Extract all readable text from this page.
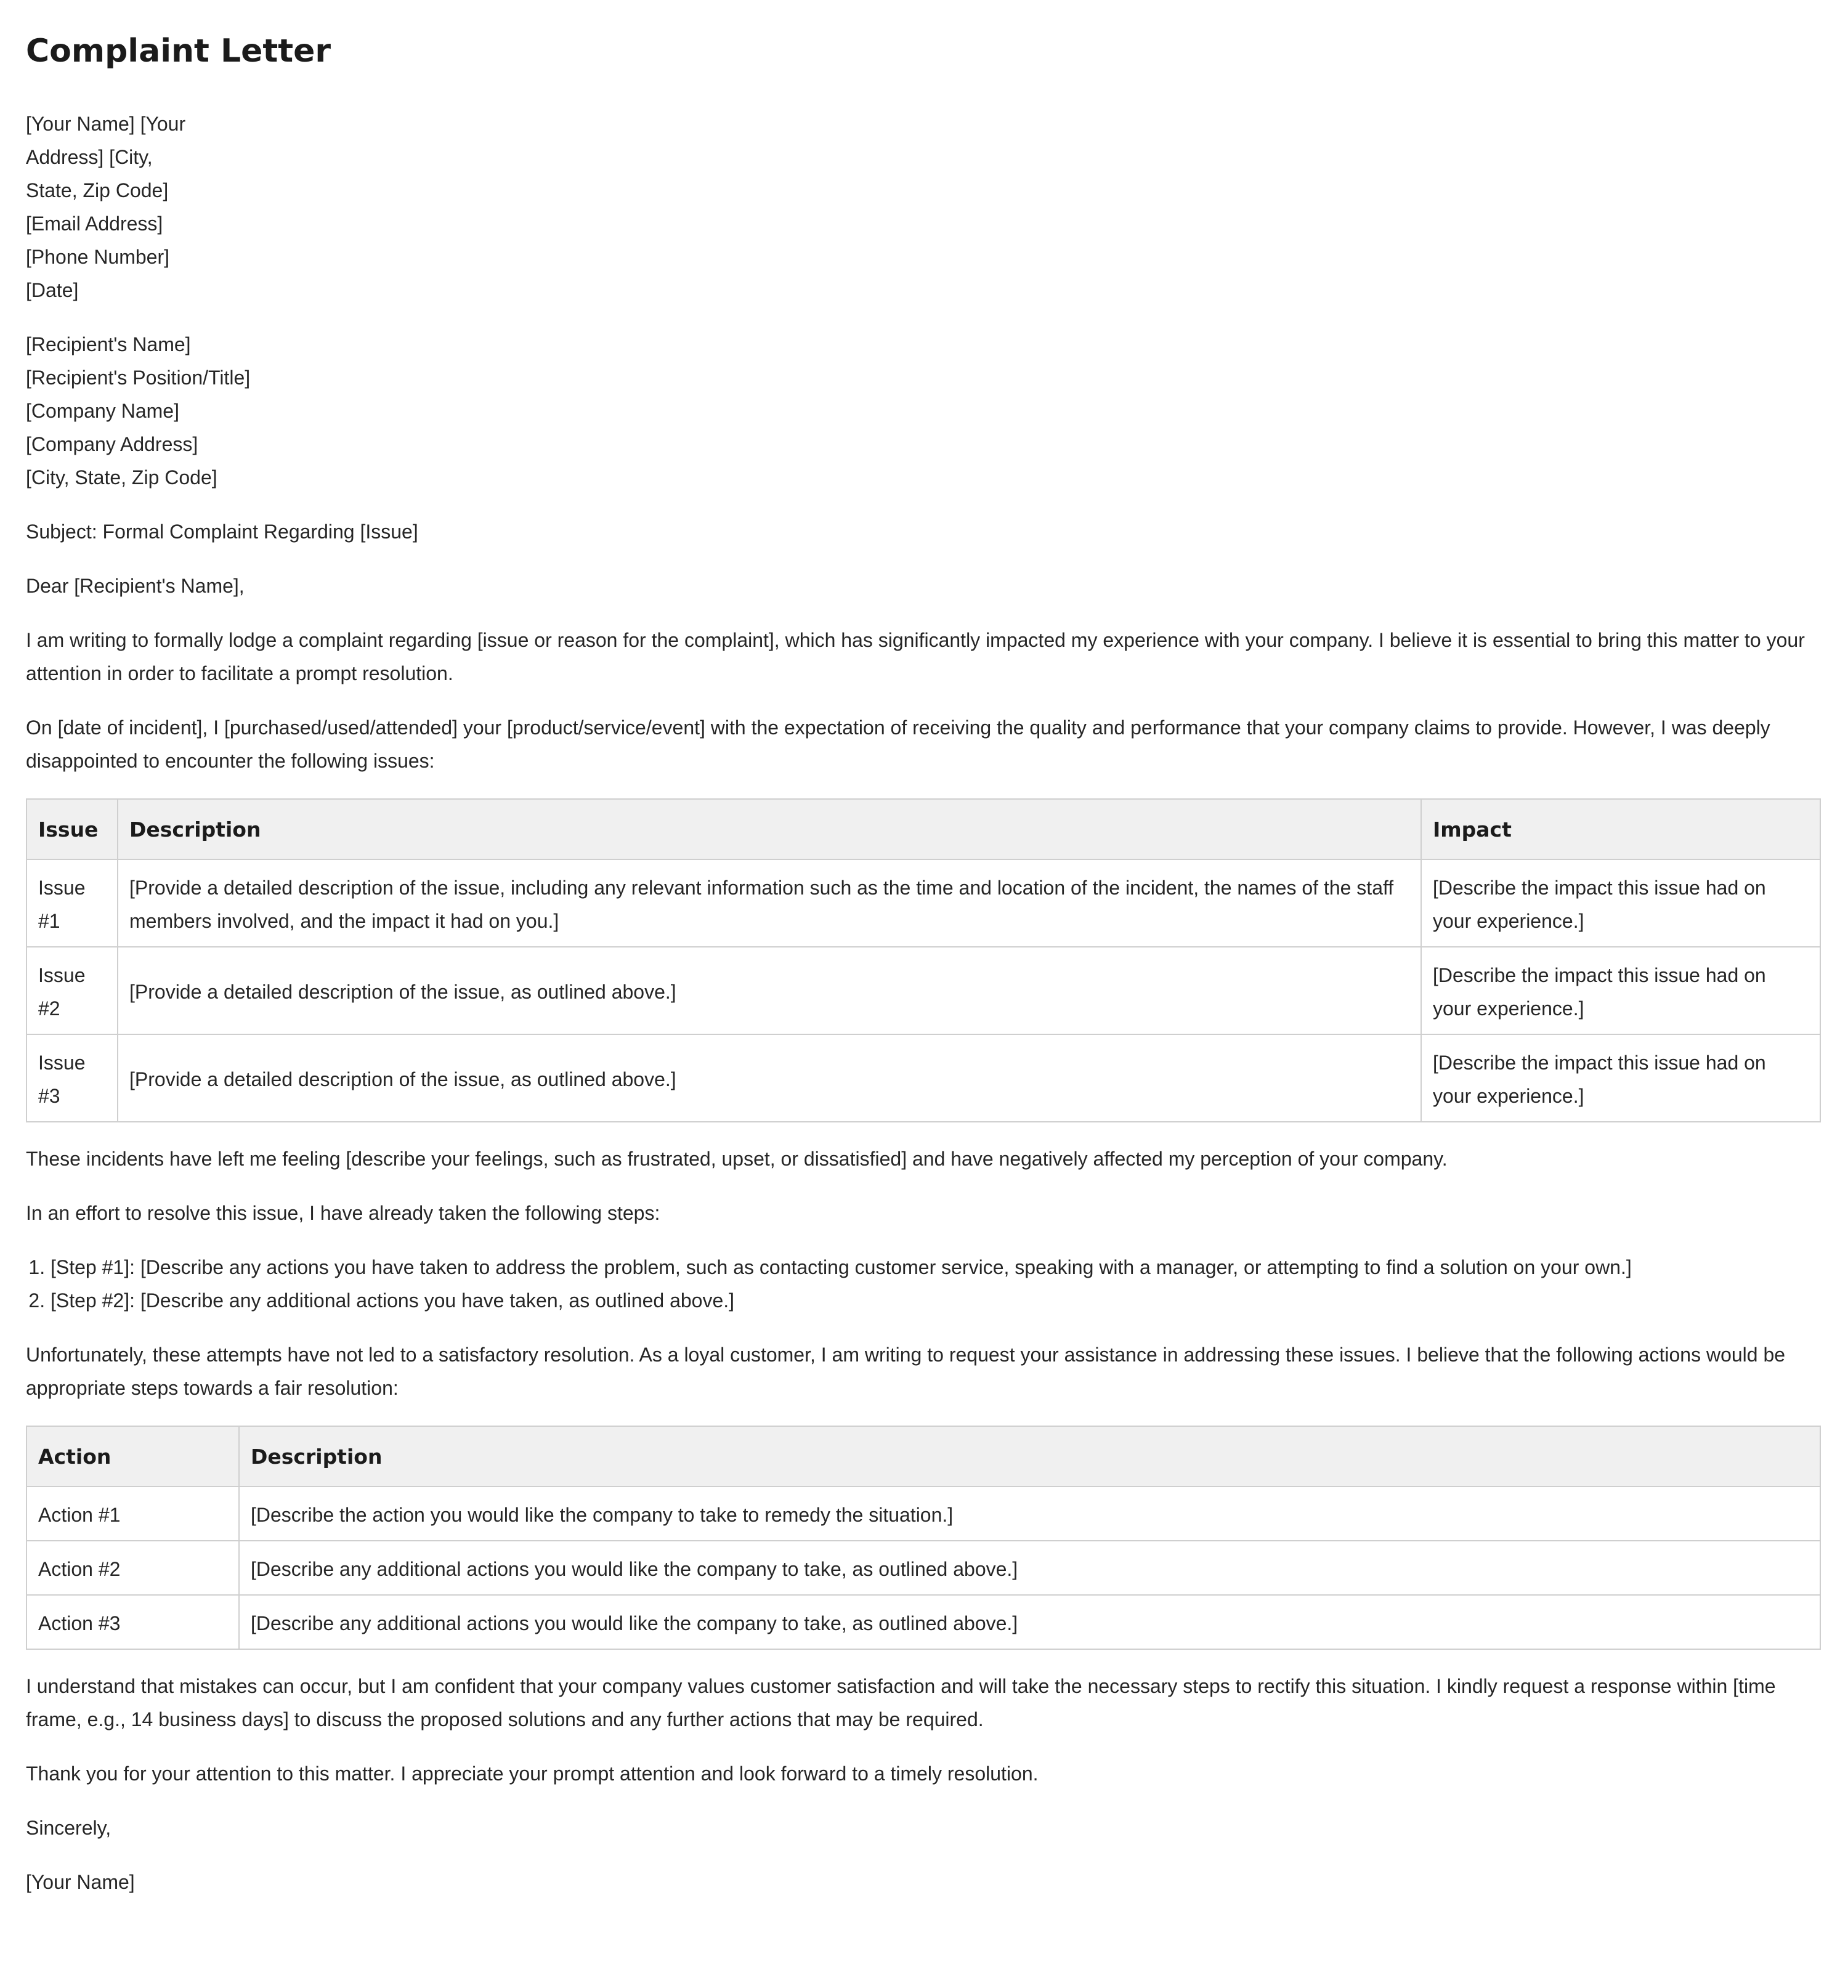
Complaint Letter

[Your Name] [Your Address] [City, State, Zip Code] [Email Address] [Phone Number] [Date]

[Recipient's Name]
[Recipient's Position/Title]
[Company Name]
[Company Address]
[City, State, Zip Code]

Subject: Formal Complaint Regarding [Issue]

Dear [Recipient's Name],

I am writing to formally lodge a complaint regarding [issue or reason for the complaint], which has significantly impacted my experience with your company. I believe it is essential to bring this matter to your attention in order to facilitate a prompt resolution.

On [date of incident], I [purchased/used/attended] your [product/service/event] with the expectation of receiving the quality and performance that your company claims to provide. However, I was deeply disappointed to encounter the following issues:

Issue	Description	Impact
Issue #1	[Provide a detailed description of the issue, including any relevant information such as the time and location of the incident, the names of the staff members involved, and the impact it had on you.]	[Describe the impact this issue had on your experience.]
Issue #2	[Provide a detailed description of the issue, as outlined above.]	[Describe the impact this issue had on your experience.]
Issue #3	[Provide a detailed description of the issue, as outlined above.]	[Describe the impact this issue had on your experience.]

These incidents have left me feeling [describe your feelings, such as frustrated, upset, or dissatisfied] and have negatively affected my perception of your company.

In an effort to resolve this issue, I have already taken the following steps:

1. [Step #1]: [Describe any actions you have taken to address the problem, such as contacting customer service, speaking with a manager, or attempting to find a solution on your own.]
2. [Step #2]: [Describe any additional actions you have taken, as outlined above.]

Unfortunately, these attempts have not led to a satisfactory resolution. As a loyal customer, I am writing to request your assistance in addressing these issues. I believe that the following actions would be appropriate steps towards a fair resolution:

Action	Description
Action #1	[Describe the action you would like the company to take to remedy the situation.]
Action #2	[Describe any additional actions you would like the company to take, as outlined above.]
Action #3	[Describe any additional actions you would like the company to take, as outlined above.]

I understand that mistakes can occur, but I am confident that your company values customer satisfaction and will take the necessary steps to rectify this situation. I kindly request a response within [time frame, e.g., 14 business days] to discuss the proposed solutions and any further actions that may be required.

Thank you for your attention to this matter. I appreciate your prompt attention and look forward to a timely resolution.

Sincerely,

[Your Name]
